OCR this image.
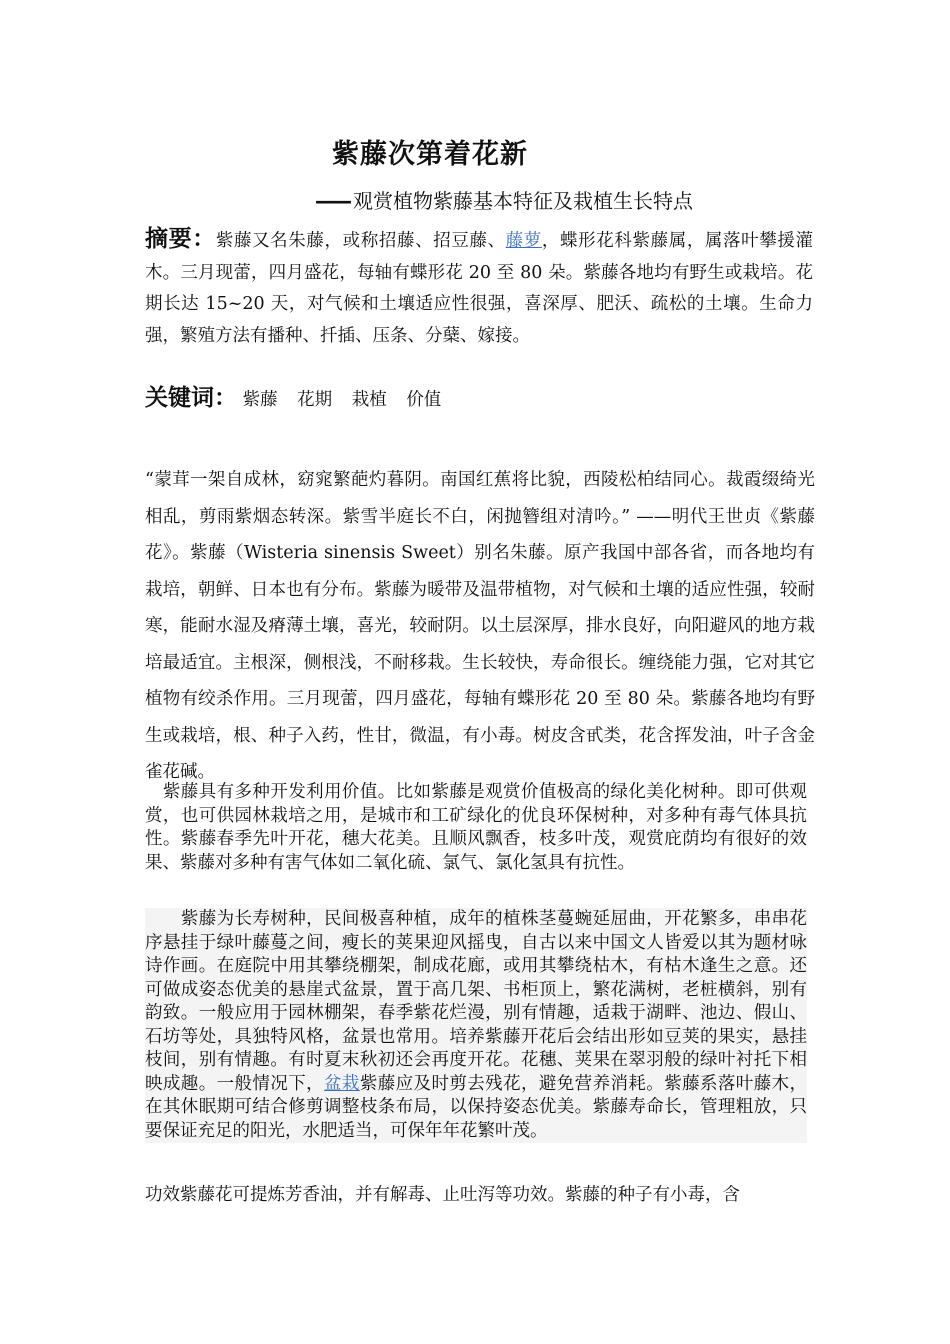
紫藤次第着花新
—— 观赏植物紫藤基本特征及栽植生长特点

摘要：紫藤又名朱藤，或称招藤、招豆藤、藤萝，蝶形花科紫藤属，属落叶攀援灌木。三月现蕾，四月盛花，每轴有蝶形花 20 至 80 朵。紫藤各地均有野生或栽培。花期长达 15~20 天，对气候和土壤适应性很强，喜深厚、肥沃、疏松的土壤。生命力强，繁殖方法有播种、扦插、压条、分蘖、嫁接。

关键词： 紫藤 花期 栽植 价值

“蒙茸一架自成林，窈窕繁葩灼暮阴。南国红蕉将比貌，西陵松柏结同心。裁霞缀绮光相乱，剪雨紫烟态转深。紫雪半庭长不白，闲抛簪组对清吟。” ——明代王世贞《紫藤花》。紫藤（Wisteria sinensis Sweet）别名朱藤。原产我国中部各省，而各地均有栽培，朝鲜、日本也有分布。紫藤为暖带及温带植物，对气候和土壤的适应性强，较耐寒，能耐水湿及瘠薄土壤，喜光，较耐阴。以土层深厚，排水良好，向阳避风的地方栽培最适宜。主根深，侧根浅，不耐移栽。生长较快，寿命很长。缠绕能力强，它对其它植物有绞杀作用。三月现蕾，四月盛花，每轴有蝶形花 20 至 80 朵。紫藤各地均有野生或栽培，根、种子入药，性甘，微温，有小毒。树皮含甙类，花含挥发油，叶子含金雀花碱。

　紫藤具有多种开发利用价值。比如紫藤是观赏价值极高的绿化美化树种。即可供观赏，也可供园林栽培之用，是城市和工矿绿化的优良环保树种，对多种有毒气体具抗性。紫藤春季先叶开花，穗大花美。且顺风飘香，枝多叶茂，观赏庇荫均有很好的效果、紫藤对多种有害气体如二氧化硫、氯气、氯化氢具有抗性。

　　紫藤为长寿树种，民间极喜种植，成年的植株茎蔓蜿延屈曲，开花繁多，串串花序悬挂于绿叶藤蔓之间，瘦长的荚果迎风摇曳，自古以来中国文人皆爱以其为题材咏诗作画。在庭院中用其攀绕棚架，制成花廊，或用其攀绕枯木，有枯木逢生之意。还可做成姿态优美的悬崖式盆景，置于高几架、书柜顶上，繁花满树，老桩横斜，别有韵致。一般应用于园林棚架，春季紫花烂漫，别有情趣，适栽于湖畔、池边、假山、石坊等处，具独特风格，盆景也常用。培养紫藤开花后会结出形如豆荚的果实，悬挂枝间，别有情趣。有时夏末秋初还会再度开花。花穗、荚果在翠羽般的绿叶衬托下相映成趣。一般情况下，盆栽紫藤应及时剪去残花，避免营养消耗。紫藤系落叶藤木，在其休眠期可结合修剪调整枝条布局，以保持姿态优美。紫藤寿命长，管理粗放，只要保证充足的阳光，水肥适当，可保年年花繁叶茂。

功效紫藤花可提炼芳香油，并有解毒、止吐泻等功效。紫藤的种子有小毒，含
